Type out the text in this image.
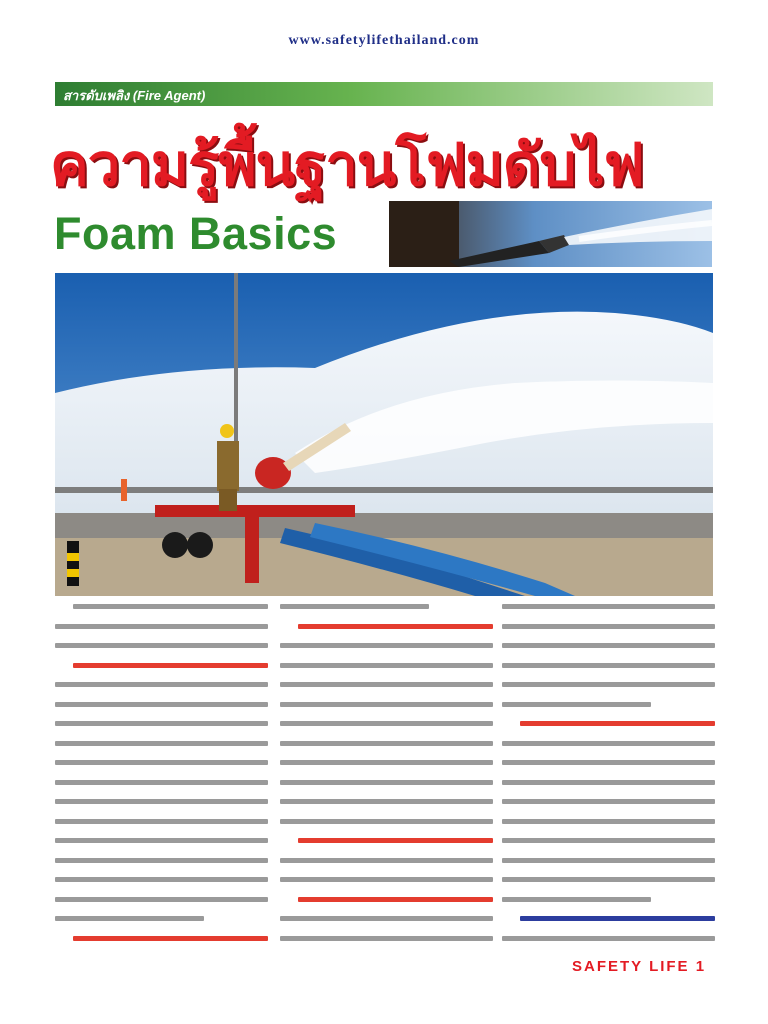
www.safetylifethailand.com
สารดับเพลิง (Fire Agent)
ความรู้พื้นฐานโฟมดับไฟ
Foam Basics
SAFETY LIFE 1
